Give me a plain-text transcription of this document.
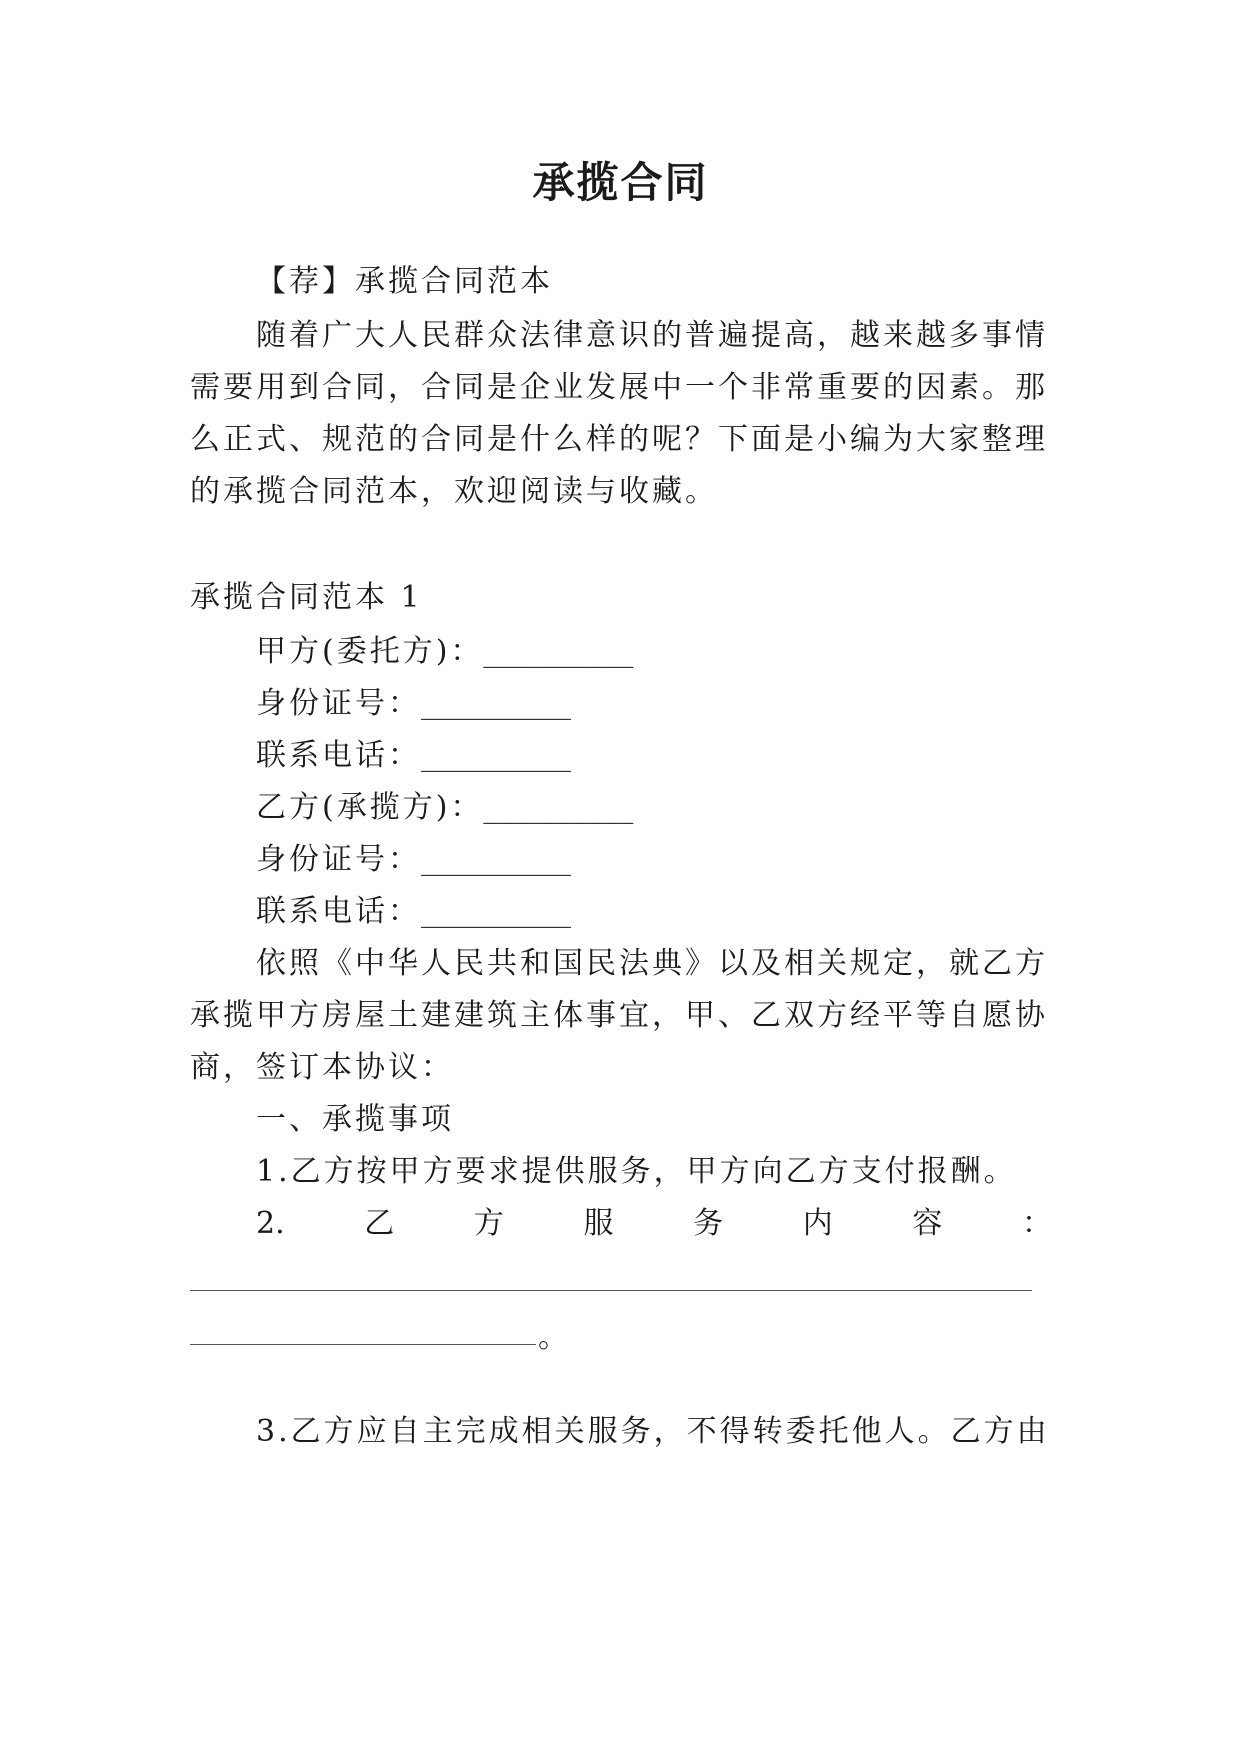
承揽合同
【荐】承揽合同范本
随着广大人民群众法律意识的普遍提高，越来越多事情
需要用到合同，合同是企业发展中一个非常重要的因素。那
么正式、规范的合同是什么样的呢？下面是小编为大家整理
的承揽合同范本，欢迎阅读与收藏。
承揽合同范本 1
甲方(委托方)：__________
身份证号：__________
联系电话：__________
乙方(承揽方)：__________
身份证号：__________
联系电话：__________
依照《中华人民共和国民法典》以及相关规定，就乙方
承揽甲方房屋土建建筑主体事宜，甲、乙双方经平等自愿协
商，签订本协议：
一、承揽事项
1.乙方按甲方要求提供服务，甲方向乙方支付报酬。
2.	乙	方	服	务	内	容	：
。
3.乙方应自主完成相关服务，不得转委托他人。乙方由
